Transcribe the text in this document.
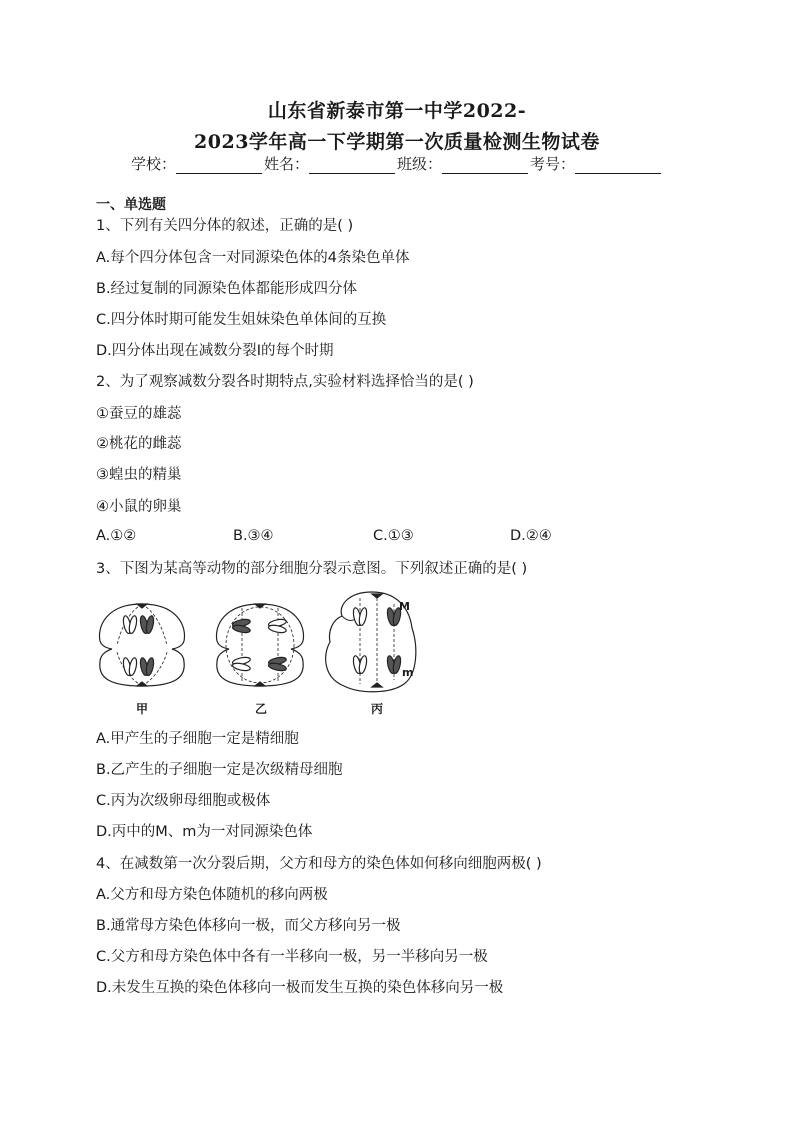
山东省新泰市第一中学2022-
2023学年高一下学期第一次质量检测生物试卷
学校：	姓名：	班级：	考号：
一、单选题
1、下列有关四分体的叙述，正确的是( )
A.每个四分体包含一对同源染色体的4条染色单体
B.经过复制的同源染色体都能形成四分体
C.四分体时期可能发生姐妹染色单体间的互换
D.四分体出现在减数分裂Ⅰ的每个时期
2、为了观察减数分裂各时期特点,实验材料选择恰当的是( )
①蚕豆的雄蕊
②桃花的雌蕊
③蝗虫的精巢
④小鼠的卵巢
A.①②	B.③④	C.①③	D.②④
3、下图为某高等动物的部分细胞分裂示意图。下列叙述正确的是( )
甲	乙	丙
M
m
A.甲产生的子细胞一定是精细胞
B.乙产生的子细胞一定是次级精母细胞
C.丙为次级卵母细胞或极体
D.丙中的M、m为一对同源染色体
4、在减数第一次分裂后期，父方和母方的染色体如何移向细胞两极( )
A.父方和母方染色体随机的移向两极
B.通常母方染色体移向一极，而父方移向另一极
C.父方和母方染色体中各有一半移向一极，另一半移向另一极
D.未发生互换的染色体移向一极而发生互换的染色体移向另一极
